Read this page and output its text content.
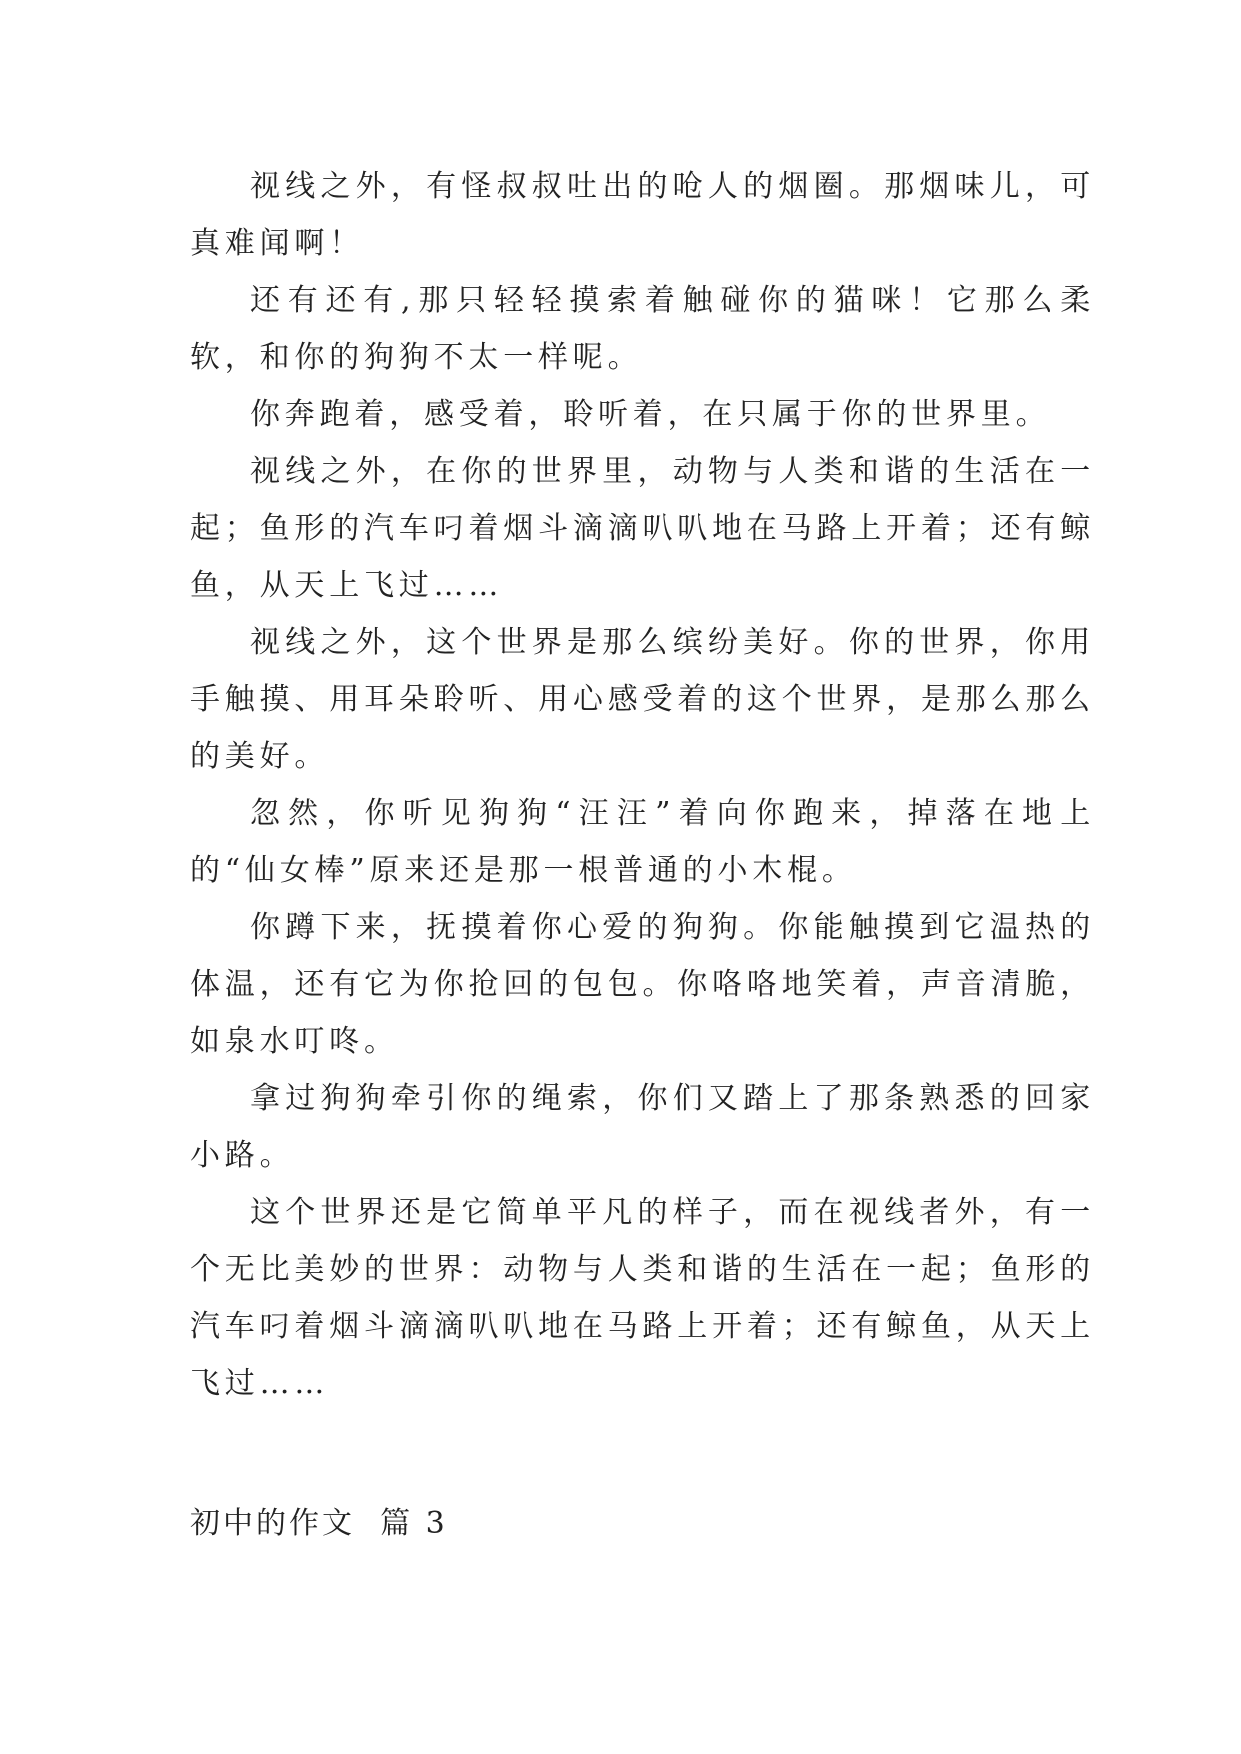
视线之外，有怪叔叔吐出的呛人的烟圈。那烟味儿，可真难闻啊！

还有还有,那只轻轻摸索着触碰你的猫咪！它那么柔软，和你的狗狗不太一样呢。

你奔跑着，感受着，聆听着，在只属于你的世界里。

视线之外，在你的世界里，动物与人类和谐的生活在一起；鱼形的汽车叼着烟斗滴滴叭叭地在马路上开着；还有鲸鱼，从天上飞过……

视线之外，这个世界是那么缤纷美好。你的世界，你用手触摸、用耳朵聆听、用心感受着的这个世界，是那么那么的美好。

忽然，你听见狗狗“汪汪”着向你跑来，掉落在地上的“仙女棒”原来还是那一根普通的小木棍。

你蹲下来，抚摸着你心爱的狗狗。你能触摸到它温热的体温，还有它为你抢回的包包。你咯咯地笑着，声音清脆，如泉水叮咚。

拿过狗狗牵引你的绳索，你们又踏上了那条熟悉的回家小路。

这个世界还是它简单平凡的样子，而在视线者外，有一个无比美妙的世界：动物与人类和谐的生活在一起；鱼形的汽车叼着烟斗滴滴叭叭地在马路上开着；还有鲸鱼，从天上飞过……

初中的作文  篇 3
